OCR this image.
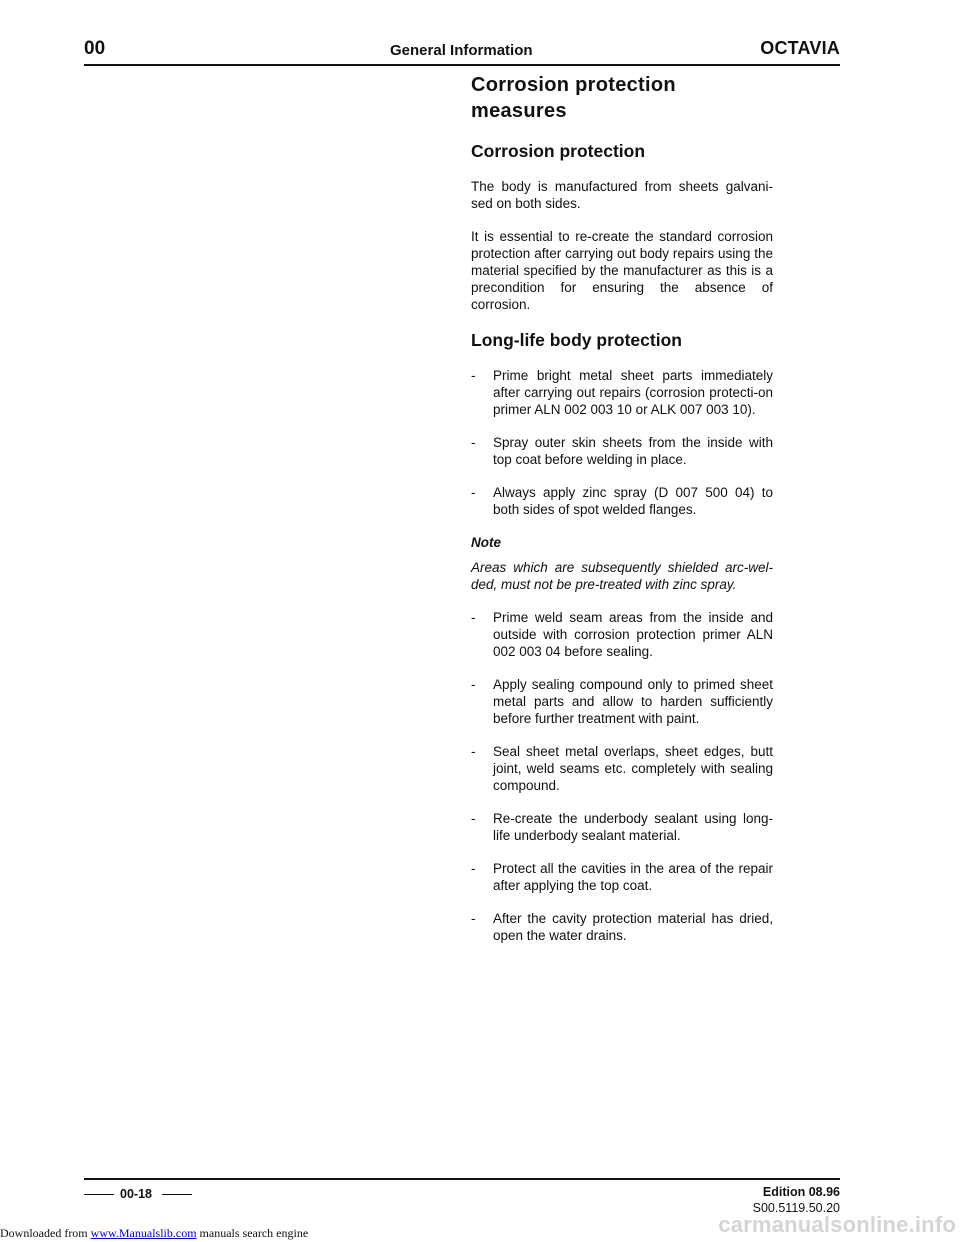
00	General Information	OCTAVIA
Corrosion protection measures
Corrosion protection

The body is manufactured from sheets galvani-sed on both sides.

It is essential to re-create the standard corrosion protection after carrying out body repairs using the material specified by the manufacturer as this is a precondition for ensuring the absence of corrosion.

Long-life body protection
- Prime bright metal sheet parts immediately after carrying out repairs (corrosion protecti-on primer ALN 002 003 10 or ALK 007 003 10).
- Spray outer skin sheets from the inside with top coat before welding in place.
- Always apply zinc spray (D 007 500 04) to both sides of spot welded flanges.

Note

Areas which are subsequently shielded arc-wel-ded, must not be pre-treated with zinc spray.

- Prime weld seam areas from the inside and outside with corrosion protection primer ALN 002 003 04 before sealing.
- Apply sealing compound only to primed sheet metal parts and allow to harden sufficiently before further treatment with paint.
- Seal sheet metal overlaps, sheet edges, butt joint, weld seams etc. completely with sealing compound.
- Re-create the underbody sealant using long-life underbody sealant material.
- Protect all the cavities in the area of the repair after applying the top coat.
- After the cavity protection material has dried, open the water drains.
00-18	Edition 08.96
S00.5119.50.20
Downloaded from www.Manualslib.com manuals search engine	carmanualsonline.info
